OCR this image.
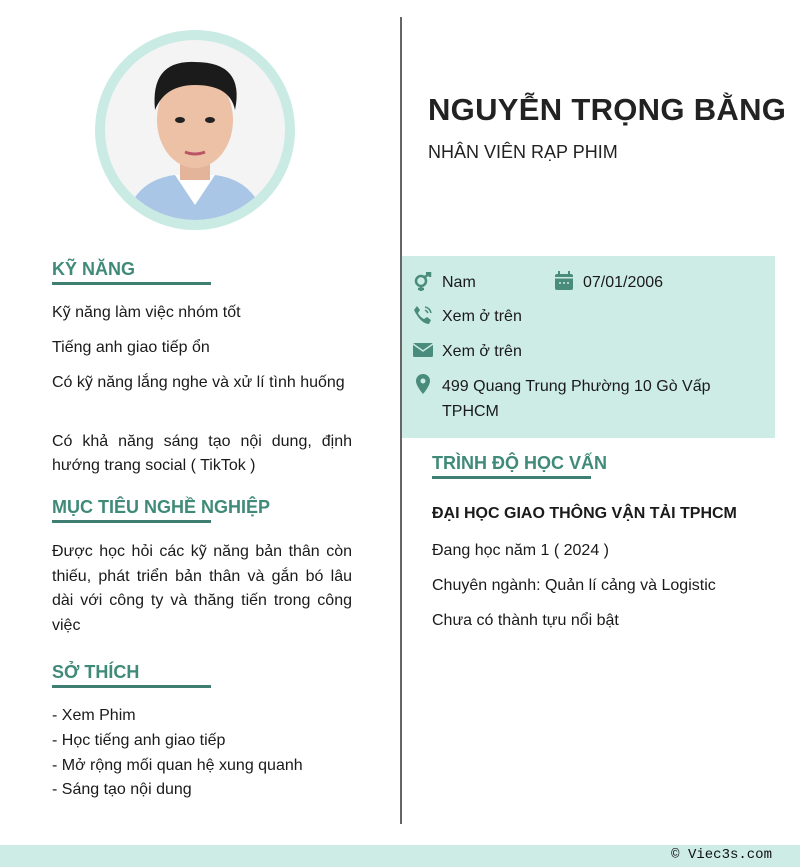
KỸ NĂNG
Kỹ năng làm việc nhóm tốt
Tiếng anh giao tiếp ổn
Có kỹ năng lắng nghe và xử lí tình huống
Có khả năng sáng tạo nội dung, định hướng trang social ( TikTok )
MỤC TIÊU NGHỀ NGHIỆP
Được học hỏi các kỹ năng bản thân còn thiếu, phát triển bản thân và gắn bó lâu dài với công ty và thăng tiến trong công việc
SỞ THÍCH
- Xem Phim
- Học tiếng anh giao tiếp
- Mở rộng mối quan hệ xung quanh
- Sáng tạo nội dung
NGUYỄN TRỌNG BẰNG
NHÂN VIÊN RẠP PHIM
Nam	07/01/2006
Xem ở trên
Xem ở trên
499 Quang Trung Phường 10 Gò Vấp TPHCM
TRÌNH ĐỘ HỌC VẤN
ĐẠI HỌC GIAO THÔNG VẬN TẢI TPHCM
Đang học năm 1 ( 2024 )
Chuyên ngành: Quản lí cảng và Logistic
Chưa có thành tựu nổi bật
© Viec3s.com
